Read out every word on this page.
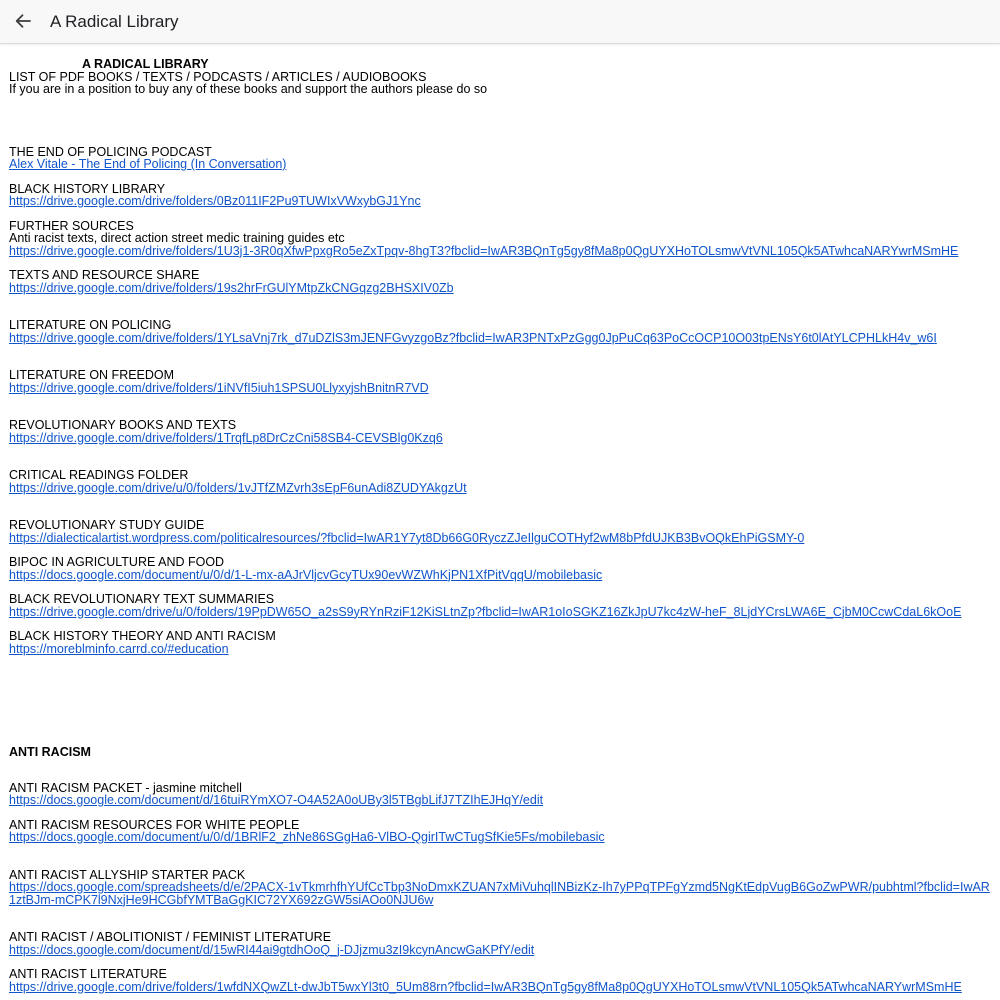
A Radical Library
A RADICAL LIBRARY
LIST OF PDF BOOKS / TEXTS / PODCASTS / ARTICLES / AUDIOBOOKS
If you are in a position to buy any of these books and support the authors please do so
THE END OF POLICING PODCAST
Alex Vitale - The End of Policing (In Conversation)
BLACK HISTORY LIBRARY
https://drive.google.com/drive/folders/0Bz011IF2Pu9TUWIxVWxybGJ1Ync
FURTHER SOURCES
Anti racist texts, direct action street medic training guides etc
https://drive.google.com/drive/folders/1U3j1-3R0qXfwPpxgRo5eZxTpqv-8hgT3?fbclid=IwAR3BQnTg5gy8fMa8p0QgUYXHoTOLsmwVtVNL105Qk5ATwhcaNARYwrMSmHE
TEXTS AND RESOURCE SHARE
https://drive.google.com/drive/folders/19s2hrFrGUlYMtpZkCNGqzg2BHSXIV0Zb
LITERATURE ON POLICING
https://drive.google.com/drive/folders/1YLsaVnj7rk_d7uDZlS3mJENFGvyzgoBz?fbclid=IwAR3PNTxPzGgg0JpPuCq63PoCcOCP10O03tpENsY6t0lAtYLCPHLkH4v_w6I
LITERATURE ON FREEDOM
https://drive.google.com/drive/folders/1iNVfI5iuh1SPSU0LlyxyjshBnitnR7VD
REVOLUTIONARY BOOKS AND TEXTS
https://drive.google.com/drive/folders/1TrqfLp8DrCzCni58SB4-CEVSBlg0Kzq6
CRITICAL READINGS FOLDER
https://drive.google.com/drive/u/0/folders/1vJTfZMZvrh3sEpF6unAdi8ZUDYAkgzUt
REVOLUTIONARY STUDY GUIDE
https://dialecticalartist.wordpress.com/politicalresources/?fbclid=IwAR1Y7yt8Db66G0RyczZJeIlguCOTHyf2wM8bPfdUJKB3BvOQkEhPiGSMY-0
BIPOC IN AGRICULTURE AND FOOD
https://docs.google.com/document/u/0/d/1-L-mx-aAJrVljcvGcyTUx90evWZWhKjPN1XfPitVqqU/mobilebasic
BLACK REVOLUTIONARY TEXT SUMMARIES
https://drive.google.com/drive/u/0/folders/19PpDW65O_a2sS9yRYnRziF12KiSLtnZp?fbclid=IwAR1oIoSGKZ16ZkJpU7kc4zW-heF_8LjdYCrsLWA6E_CjbM0CcwCdaL6kOoE
BLACK HISTORY THEORY AND ANTI RACISM
https://moreblminfo.carrd.co/#education
ANTI RACISM
ANTI RACISM PACKET - jasmine mitchell
https://docs.google.com/document/d/16tuiRYmXO7-O4A52A0oUBy3l5TBgbLifJ7TZIhEJHqY/edit
ANTI RACISM RESOURCES FOR WHITE PEOPLE
https://docs.google.com/document/u/0/d/1BRlF2_zhNe86SGgHa6-VlBO-QgirITwCTugSfKie5Fs/mobilebasic
ANTI RACIST ALLYSHIP STARTER PACK
https://docs.google.com/spreadsheets/d/e/2PACX-1vTkmrhfhYUfCcTbp3NoDmxKZUAN7xMiVuhqlINBizKz-Ih7yPPqTPFgYzmd5NgKtEdpVugB6GoZwPWR/pubhtml?fbclid=IwAR1ztBJm-mCPK7l9NxjHe9HCGbfYMTBaGgKIC72YX692zGW5siAOo0NJU6w
ANTI RACIST / ABOLITIONIST / FEMINIST LITERATURE
https://docs.google.com/document/d/15wRI44ai9gtdhOoQ_j-DJjzmu3zI9kcynAncwGaKPfY/edit
ANTI RACIST LITERATURE
https://drive.google.com/drive/folders/1wfdNXQwZLt-dwJbT5wxYl3t0_5Um88rn?fbclid=IwAR3BQnTg5gy8fMa8p0QgUYXHoTOLsmwVtVNL105Qk5ATwhcaNARYwrMSmHE
